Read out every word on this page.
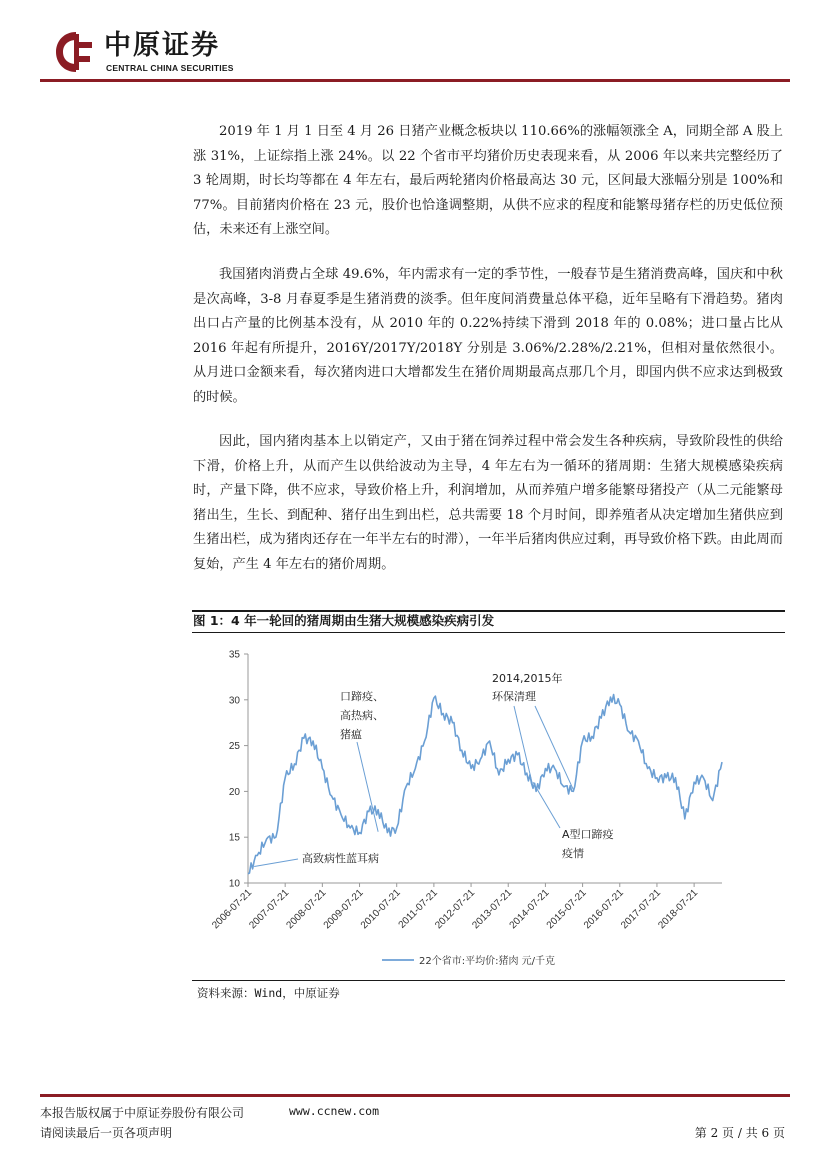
中原证券
CENTRAL CHINA SECURITIES

2019 年 1 月 1 日至 4 月 26 日猪产业概念板块以 110.66%的涨幅领涨全 A，同期全部 A 股上涨 31%，上证综指上涨 24%。以 22 个省市平均猪价历史表现来看，从 2006 年以来共完整经历了 3 轮周期，时长均等都在 4 年左右，最后两轮猪肉价格最高达 30 元，区间最大涨幅分别是 100%和 77%。目前猪肉价格在 23 元，股价也恰逢调整期，从供不应求的程度和能繁母猪存栏的历史低位预估，未来还有上涨空间。

我国猪肉消费占全球 49.6%，年内需求有一定的季节性，一般春节是生猪消费高峰，国庆和中秋是次高峰，3-8 月春夏季是生猪消费的淡季。但年度间消费量总体平稳，近年呈略有下滑趋势。猪肉出口占产量的比例基本没有，从 2010 年的 0.22%持续下滑到 2018 年的 0.08%；进口量占比从 2016 年起有所提升，2016Y/2017Y/2018Y 分别是 3.06%/2.28%/2.21%，但相对量依然很小。从月进口金额来看，每次猪肉进口大增都发生在猪价周期最高点那几个月，即国内供不应求达到极致的时候。

因此，国内猪肉基本上以销定产，又由于猪在饲养过程中常会发生各种疾病，导致阶段性的供给下滑，价格上升，从而产生以供给波动为主导，4 年左右为一循环的猪周期：生猪大规模感染疾病时，产量下降，供不应求，导致价格上升，利润增加，从而养殖户增多能繁母猪投产（从二元能繁母猪出生，生长、到配种、猪仔出生到出栏，总共需要 18 个月时间，即养殖者从决定增加生猪供应到生猪出栏，成为猪肉还存在一年半左右的时滞），一年半后猪肉供应过剩，再导致价格下跌。由此周而复始，产生 4 年左右的猪价周期。

图 1：4 年一轮回的猪周期由生猪大规模感染疾病引发
10
15
20
25
30
35
2006-07-21
2007-07-21
2008-07-21
2009-07-21
2010-07-21
2011-07-21
2012-07-21
2013-07-21
2014-07-21
2015-07-21
2016-07-21
2017-07-21
2018-07-21
口蹄疫、
高热病、
猪瘟
2014,2015年
环保清理
A型口蹄疫
疫情
高致病性蓝耳病
22个省市:平均价:猪肉 元/千克
资料来源：Wind，中原证券
本报告版权属于中原证券股份有限公司	www.ccnew.com
请阅读最后一页各项声明	第 2 页 / 共 6 页
